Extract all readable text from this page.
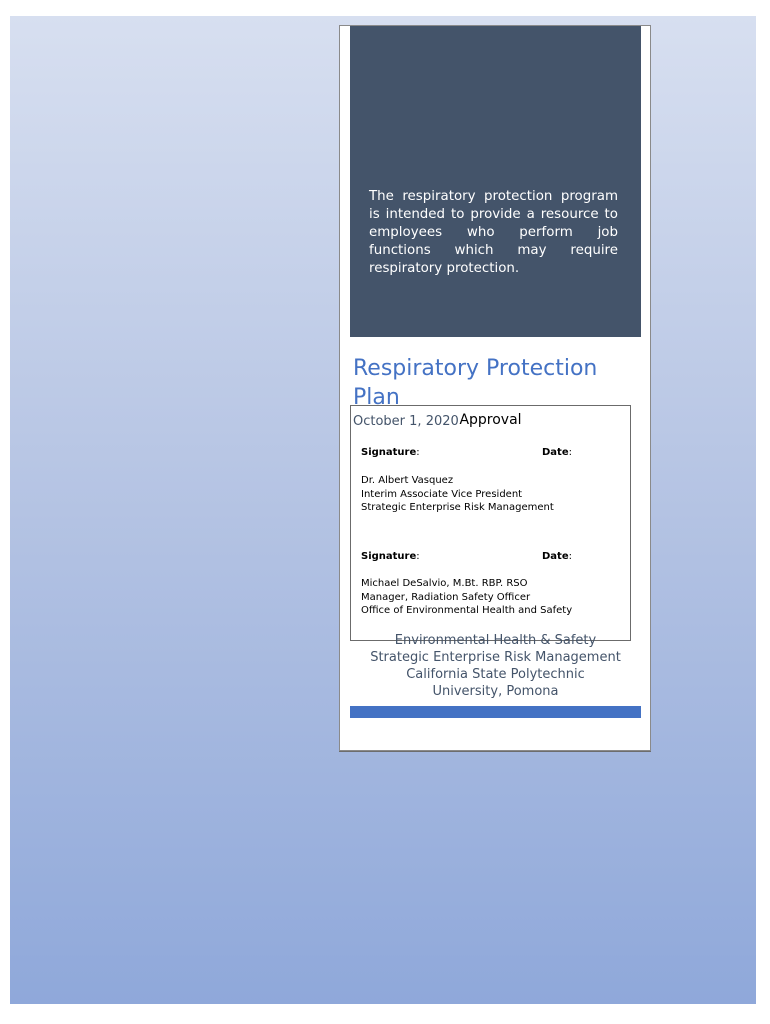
The respiratory protection program is intended to provide a resource to employees who perform job functions which may require respiratory protection.
Respiratory Protection Plan
October 1, 2020 Approval
Signature:	Date:
Dr. Albert Vasquez
Interim Associate Vice President
Strategic Enterprise Risk Management
Signature:	Date:
Michael DeSalvio, M.Bt. RBP. RSO
Manager, Radiation Safety Officer
Office of Environmental Health and Safety
Environmental Health & Safety
Strategic Enterprise Risk Management
California State Polytechnic
University, Pomona
